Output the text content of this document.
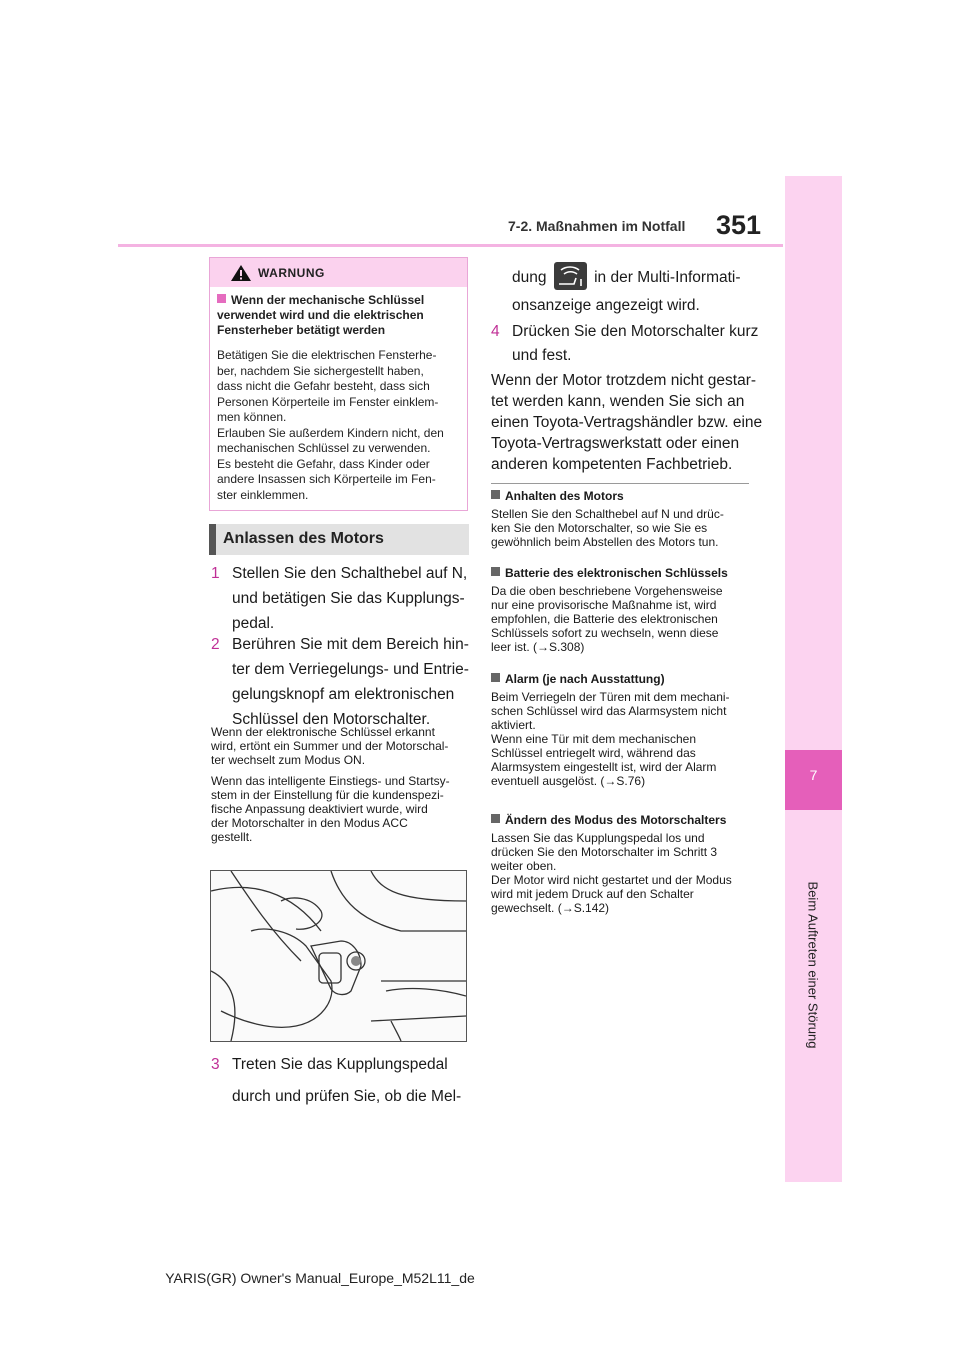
7-2. Maßnahmen im Notfall 351
7
Beim Auftreten einer Störung
WARNUNG
Wenn der mechanische Schlüssel verwendet wird und die elektrischen Fensterheber betätigt werden
Betätigen Sie die elektrischen Fensterhe-
ber, nachdem Sie sichergestellt haben,
dass nicht die Gefahr besteht, dass sich
Personen Körperteile im Fenster einklem-
men können.
Erlauben Sie außerdem Kindern nicht, den
mechanischen Schlüssel zu verwenden.
Es besteht die Gefahr, dass Kinder oder
andere Insassen sich Körperteile im Fen-
ster einklemmen.
Anlassen des Motors
1 Stellen Sie den Schalthebel auf N,
und betätigen Sie das Kupplungs-
pedal.
2 Berühren Sie mit dem Bereich hin-
ter dem Verriegelungs- und Entrie-
gelungsknopf am elektronischen
Schlüssel den Motorschalter.
Wenn der elektronische Schlüssel erkannt
wird, ertönt ein Summer und der Motorschal-
ter wechselt zum Modus ON.
Wenn das intelligente Einstiegs- und Startsy-
stem in der Einstellung für die kundenspezi-
fische Anpassung deaktiviert wurde, wird
der Motorschalter in den Modus ACC
gestellt.
3 Treten Sie das Kupplungspedal
durch und prüfen Sie, ob die Mel-
dung	in der Multi-Informati-
onsanzeige angezeigt wird.
4 Drücken Sie den Motorschalter kurz
und fest.
Wenn der Motor trotzdem nicht gestar-
tet werden kann, wenden Sie sich an
einen Toyota-Vertragshändler bzw. eine
Toyota-Vertragswerkstatt oder einen
anderen kompetenten Fachbetrieb.
Anhalten des Motors
Stellen Sie den Schalthebel auf N und drüc-
ken Sie den Motorschalter, so wie Sie es
gewöhnlich beim Abstellen des Motors tun.
Batterie des elektronischen Schlüssels
Da die oben beschriebene Vorgehensweise
nur eine provisorische Maßnahme ist, wird
empfohlen, die Batterie des elektronischen
Schlüssels sofort zu wechseln, wenn diese
leer ist. (→S.308)
Alarm (je nach Ausstattung)
Beim Verriegeln der Türen mit dem mechani-
schen Schlüssel wird das Alarmsystem nicht
aktiviert.
Wenn eine Tür mit dem mechanischen
Schlüssel entriegelt wird, während das
Alarmsystem eingestellt ist, wird der Alarm
eventuell ausgelöst. (→S.76)
Ändern des Modus des Motorschalters
Lassen Sie das Kupplungspedal los und
drücken Sie den Motorschalter im Schritt 3
weiter oben.
Der Motor wird nicht gestartet und der Modus
wird mit jedem Druck auf den Schalter
gewechselt. (→S.142)
YARIS(GR) Owner's Manual_Europe_M52L11_de
